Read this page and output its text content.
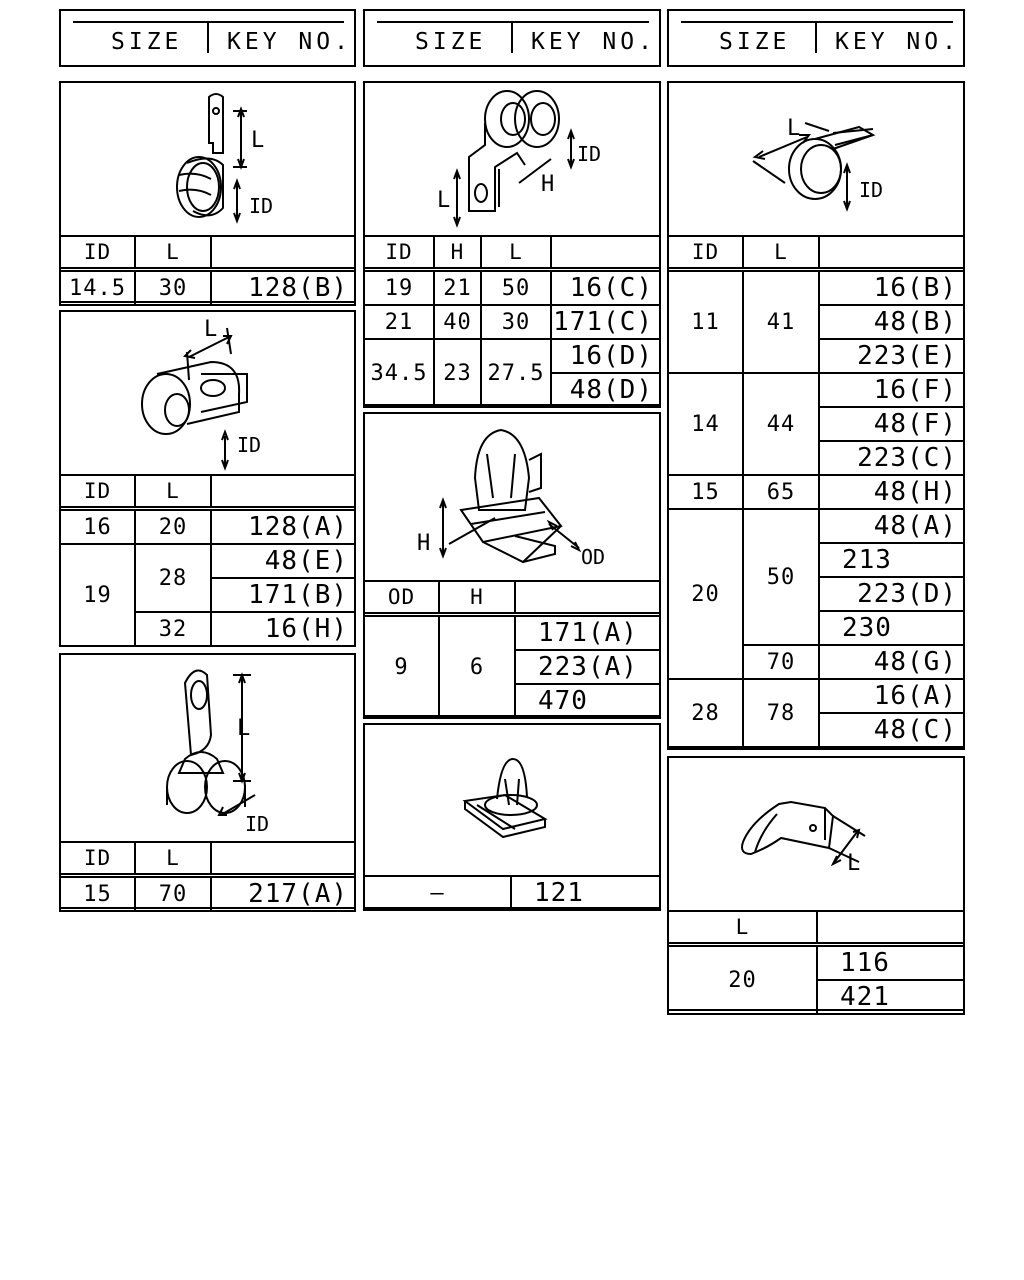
SIZE KEY NO.	SIZE KEY NO.	SIZE KEY NO.
L
ID
ID	L	
14.5	30	128(B)
L
ID
ID	L	
16	20	128(A)
19	28	48(E)
		171(B)
	32	16(H)
L
ID
ID	L	
15	70	217(A)
L
H
ID
ID	H	L	
19	21	50	16(C)
21	40	30	171(C)
34.5	23	27.5	16(D)
			48(D)
H
OD
OD	H	
9	6	171(A)
		223(A)
		470
—	121
L
ID
ID	L	
11	41	16(B)
		48(B)
		223(E)
14	44	16(F)
		48(F)
		223(C)
15	65	48(H)
20	50	48(A)
		213
		223(D)
		230
	70	48(G)
28	78	16(A)
		48(C)
L
L	
20	116
	421
